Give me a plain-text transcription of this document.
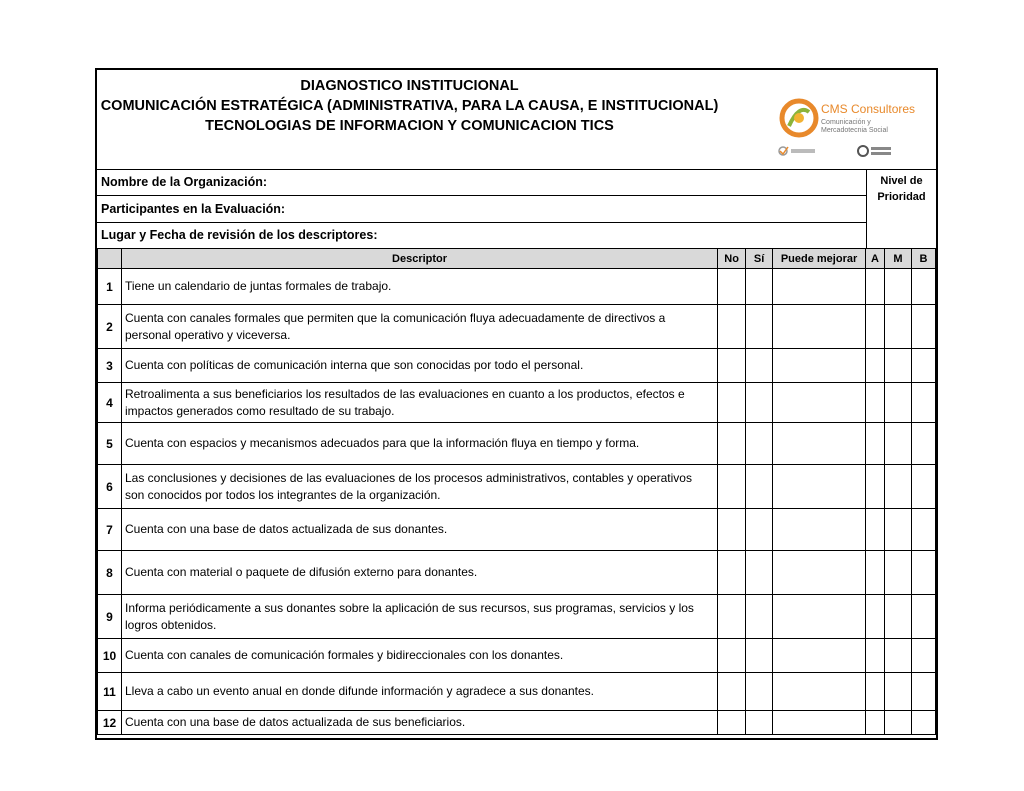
DIAGNOSTICO INSTITUCIONAL
COMUNICACIÓN ESTRATÉGICA (ADMINISTRATIVA, PARA LA CAUSA, E INSTITUCIONAL)
TECNOLOGIAS DE INFORMACION Y COMUNICACION TICS
CMS Consultores
Comunicación y
Mercadotecnia Social
Nombre de la Organización:
Participantes en la Evaluación:
Lugar y Fecha de revisión de los descriptores:
Nivel de
Prioridad
	Descriptor	No	Sí	Puede mejorar	A	M	B
1	Tiene un calendario de juntas formales de trabajo.						
2	Cuenta con canales formales que permiten que la comunicación fluya adecuadamente de directivos a personal operativo y viceversa.						
3	Cuenta con políticas de comunicación interna que son conocidas por todo el personal.						
4	Retroalimenta a sus beneficiarios los resultados de las evaluaciones en cuanto a los productos, efectos e impactos generados como resultado de su trabajo.						
5	Cuenta con espacios y mecanismos adecuados para que la información fluya en tiempo y forma.						
6	Las conclusiones y decisiones de las evaluaciones de los procesos administrativos, contables y operativos son conocidos por todos los integrantes de la organización.						
7	Cuenta con una base de datos actualizada de sus donantes.						
8	Cuenta con material o paquete de difusión externo para donantes.						
9	Informa periódicamente a sus donantes sobre la aplicación de sus recursos, sus programas, servicios y los logros obtenidos.						
10	Cuenta con canales de comunicación formales y bidireccionales con los donantes.						
11	Lleva a cabo un evento anual en donde difunde información y agradece a sus donantes.						
12	Cuenta con una base de datos actualizada de sus beneficiarios.						
